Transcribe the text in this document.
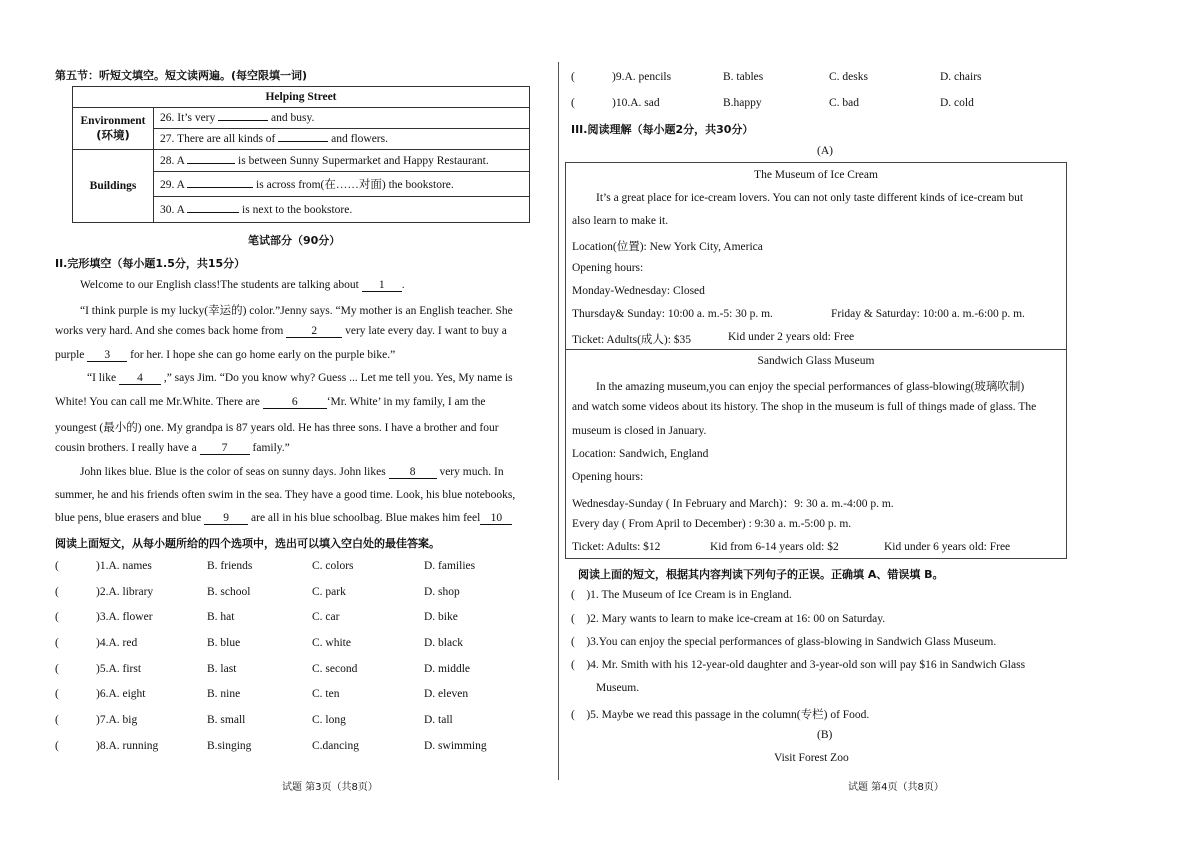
第五节：听短文填空。短文读两遍。(每空限填一词)
Helping Street	

Environment
(环境)	26. It’s very and busy.
	27. There are all kinds of and flowers.
Buildings	28. A is between Sunny Supermarket and Happy Restaurant.
	29. A is across from(在……对面) the bookstore.
	30. A is next to the bookstore.
笔试部分（90分）
II.完形填空（每小题1.5分，共15分）
Welcome to our English class!The students are talking about 1 .
“I think purple is my lucky(幸运的) color.”Jenny says. “My mother is an English teacher. She
works very hard. And she comes back home from 2 very late every day. I want to buy a
purple 3 for her. I hope she can go home early on the purple bike.”
“I like 4 ,” says Jim. “Do you know why? Guess ... Let me tell you. Yes, My name is
White! You can call me Mr.White. There are	6	‘Mr. White’ in my family, I am the
youngest (最小的) one. My grandpa is 87 years old. He has three sons. I have a brother and four
cousin brothers. I really have a 7 family.”
John likes blue. Blue is the color of seas on sunny days. John likes 8 very much. In
summer, he and his friends often swim in the sea. They have a good time. Look, his blue notebooks,
blue pens, blue erasers and blue 9 are all in his blue schoolbag. Blue makes him feel 10
阅读上面短文，从每小题所给的四个选项中，选出可以填入空白处的最佳答案。
(	)1.A. names	B. friends	C. colors	D. families
(	)2.A. library	B. school	C. park	D. shop
(	)3.A. flower	B. hat	C. car	D. bike
(	)4.A. red	B. blue	C. white	D. black
(	)5.A. first	B. last	C. second	D. middle
(	)6.A. eight	B. nine	C. ten	D. eleven
(	)7.A. big	B. small	C. long	D. tall
(	)8.A. running	B.singing	C.dancing	D. swimming
试题 第3页（共8页）
(	)9.A. pencils	B. tables	C. desks	D. chairs
(	)10.A. sad	B.happy	C. bad	D. cold
III.阅读理解（每小题2分，共30分）
(A)
The Museum of Ice Cream
It’s a great place for ice-cream lovers. You can not only taste different kinds of ice-cream but
also learn to make it.
Location(位置): New York City, America
Opening hours:
Monday-Wednesday: Closed
Thursday& Sunday: 10:00 a. m.-5: 30 p. m.	Friday & Saturday: 10:00 a. m.-6:00 p. m.
Ticket: Adults(成人): $35	Kid under 2 years old: Free
Sandwich Glass Museum
In the amazing museum,you can enjoy the special performances of glass-blowing(玻璃吹制)
and watch some videos about its history. The shop in the museum is full of things made of glass. The
museum is closed in January.
Location: Sandwich, England
Opening hours:
Wednesday-Sunday ( In February and March)：9: 30 a. m.-4:00 p. m.
Every day ( From April to December) : 9:30 a. m.-5:00 p. m.
Ticket: Adults: $12	Kid from 6-14 years old: $2	Kid under 6 years old: Free
阅读上面的短文，根据其内容判读下列句子的正误。正确填 A、错误填 B。
(    )1. The Museum of Ice Cream is in England.
(    )2. Mary wants to learn to make ice-cream at 16: 00 on Saturday.
(    )3.You can enjoy the special performances of glass-blowing in Sandwich Glass Museum.
(    )4. Mr. Smith with his 12-year-old daughter and 3-year-old son will pay $16 in Sandwich Glass
Museum.
(    )5. Maybe we read this passage in the column(专栏) of Food.
(B)
Visit Forest Zoo
试题 第4页（共8页）
